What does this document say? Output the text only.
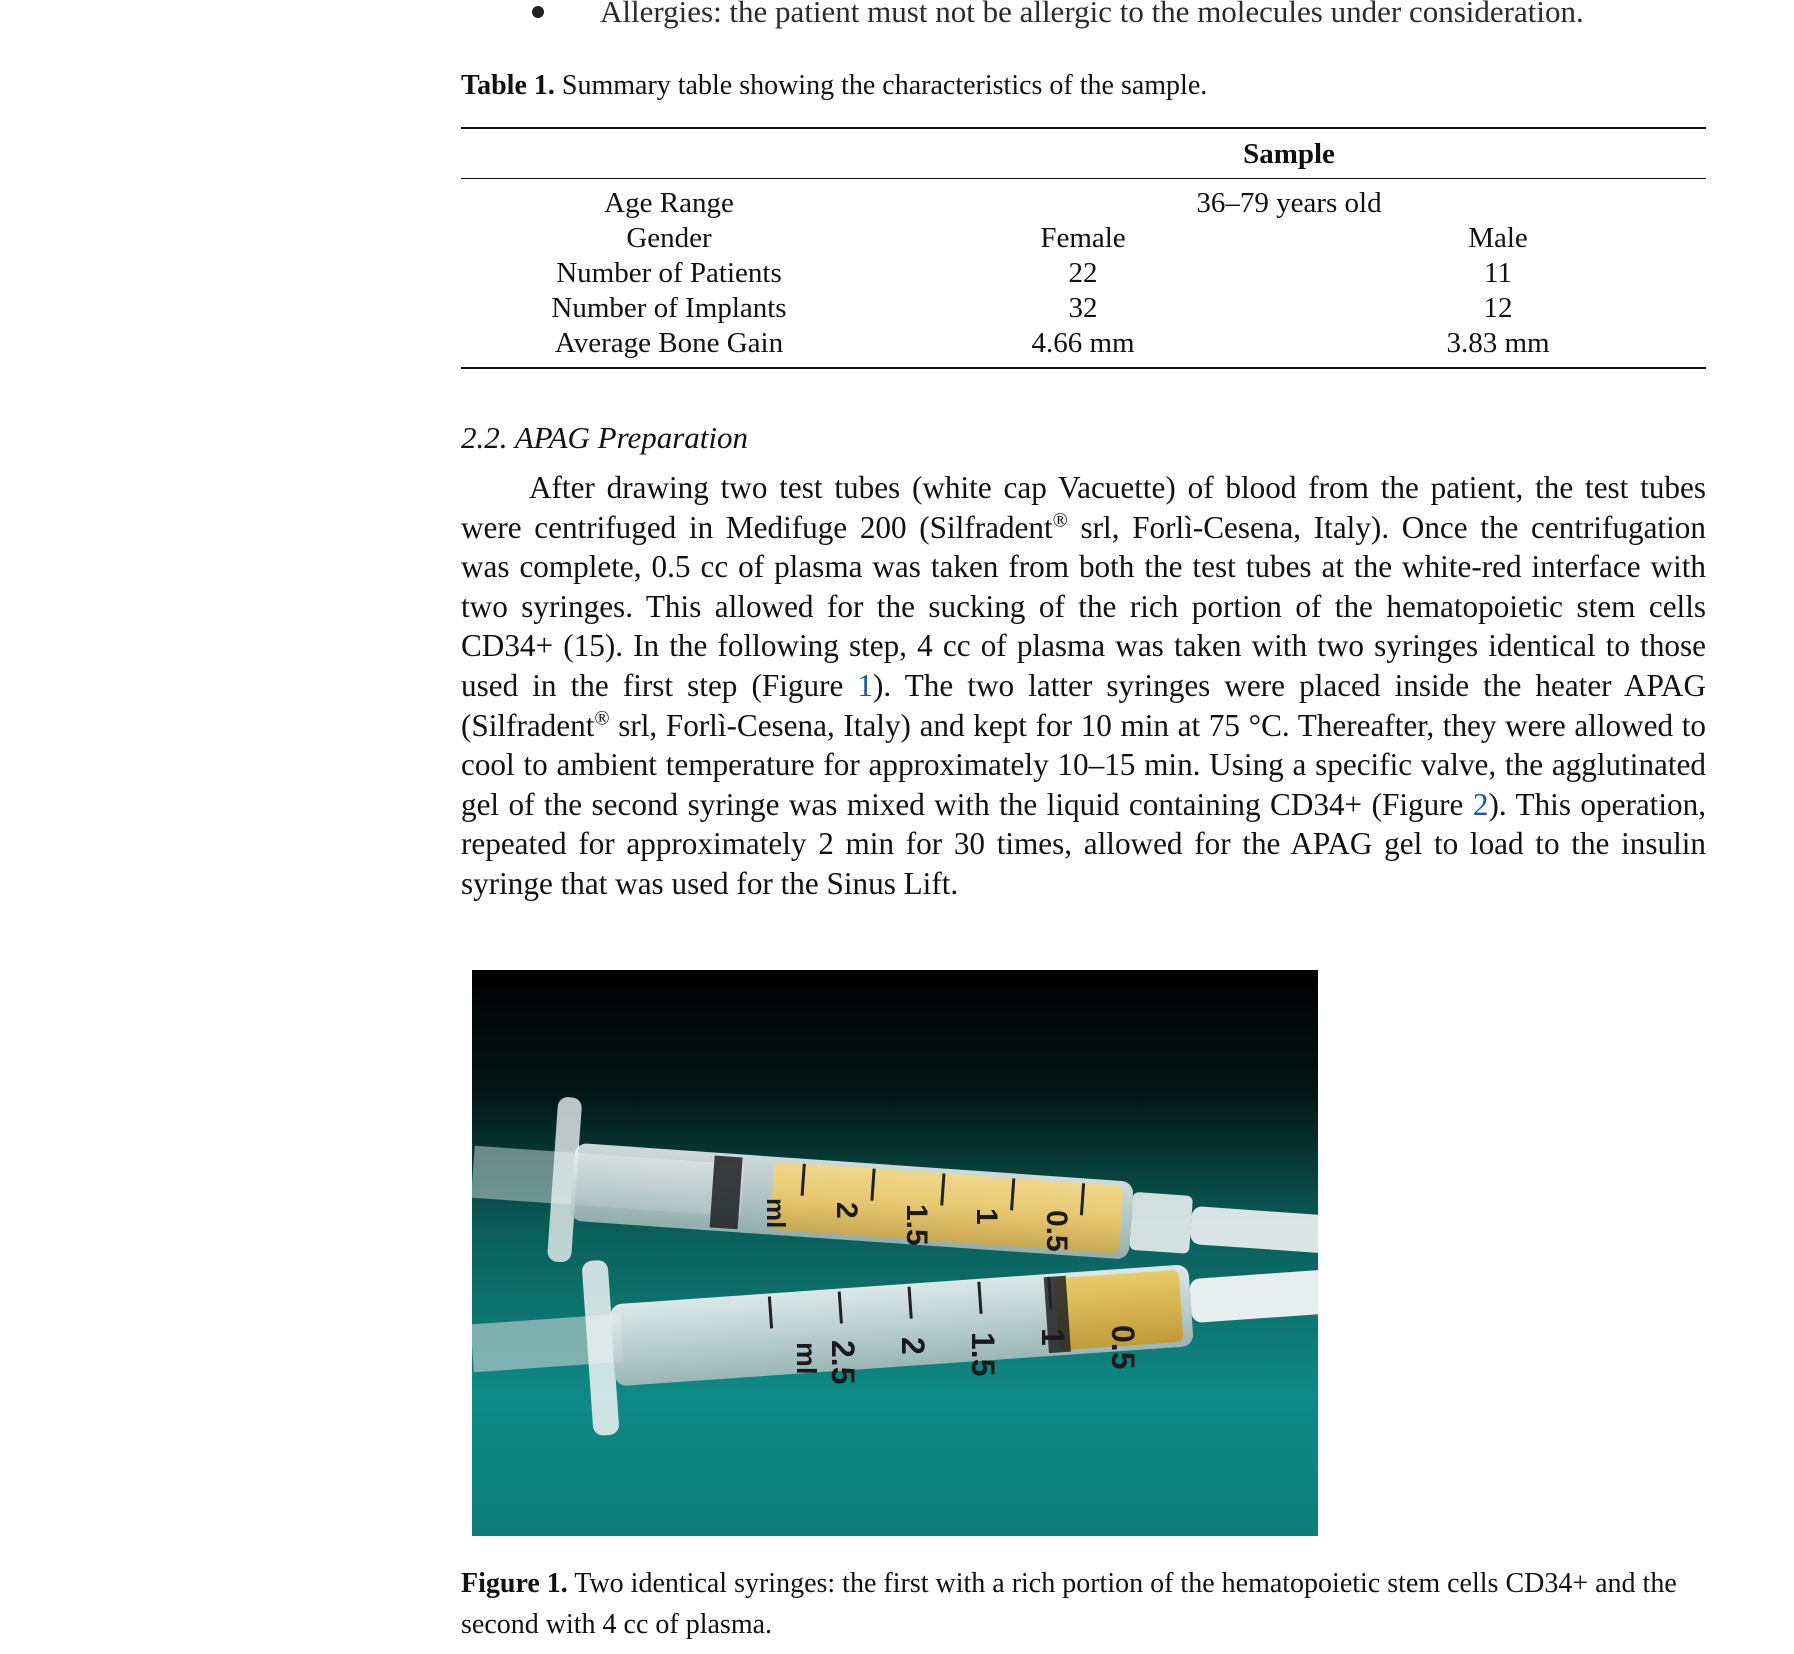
Allergies: the patient must not be allergic to the molecules under consideration.
Table 1. Summary table showing the characteristics of the sample.
Sample
Age Range	36–79 years old
Gender	Female	Male
Number of Patients	22	11
Number of Implants	32	12
Average Bone Gain	4.66 mm	3.83 mm
2.2. APAG Preparation
After drawing two test tubes (white cap Vacuette) of blood from the patient, the test tubes were centrifuged in Medifuge 200 (Silfradent® srl, Forlì-Cesena, Italy). Once the centrifugation was complete, 0.5 cc of plasma was taken from both the test tubes at the white-red interface with two syringes. This allowed for the sucking of the rich portion of the hematopoietic stem cells CD34+ (15). In the following step, 4 cc of plasma was taken with two syringes identical to those used in the first step (Figure 1). The two latter syringes were placed inside the heater APAG (Silfradent® srl, Forlì-Cesena, Italy) and kept for 10 min at 75 °C. Thereafter, they were allowed to cool to ambient temperature for approximately 10–15 min. Using a specific valve, the agglutinated gel of the second syringe was mixed with the liquid containing CD34+ (Figure 2). This operation, repeated for approximately 2 min for 30 times, allowed for the APAG gel to load to the insulin syringe that was used for the Sinus Lift.
0.5
1
1.5
2
ml
0.5
1
1.5
2
2.5
ml
Figure 1. Two identical syringes: the first with a rich portion of the hematopoietic stem cells CD34+ and the second with 4 cc of plasma.
